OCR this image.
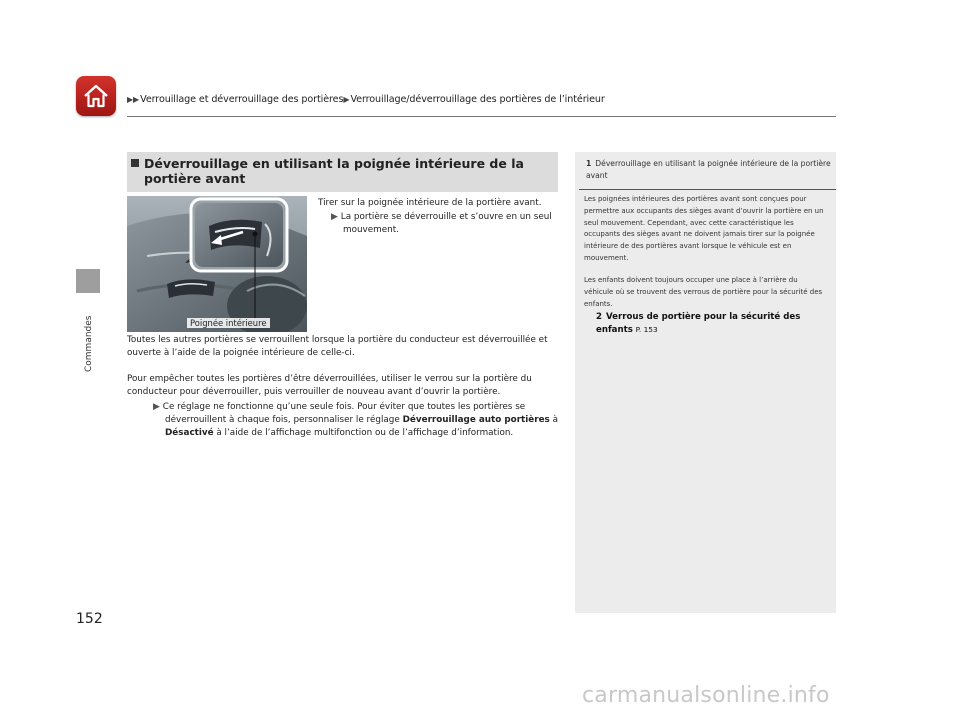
▶▶Verrouillage et déverrouillage des portières▶Verrouillage/déverrouillage des portières de l’intérieur
Commandes
152
Déverrouillage en utilisant la poignée intérieure de la portière avant
Poignée intérieure
Tirer sur la poignée intérieure de la portière avant.
▶ La portière se déverrouille et s’ouvre en un seul mouvement.
Toutes les autres portières se verrouillent lorsque la portière du conducteur est déverrouillée et ouverte à l’aide de la poignée intérieure de celle-ci.
Pour empêcher toutes les portières d’être déverrouillées, utiliser le verrou sur la portière du conducteur pour déverrouiller, puis verrouiller de nouveau avant d’ouvrir la portière.
▶ Ce réglage ne fonctionne qu’une seule fois. Pour éviter que toutes les portières se déverrouillent à chaque fois, personnaliser le réglage Déverrouillage auto portières à Désactivé à l’aide de l’affichage multifonction ou de l’affichage d’information.
1 Déverrouillage en utilisant la poignée intérieure de la portière avant
Les poignées intérieures des portières avant sont conçues pour permettre aux occupants des sièges avant d’ouvrir la portière en un seul mouvement. Cependant, avec cette caractéristique les occupants des sièges avant ne doivent jamais tirer sur la poignée intérieure de des portières avant lorsque le véhicule est en mouvement.
Les enfants doivent toujours occuper une place à l’arrière du véhicule où se trouvent des verrous de portière pour la sécurité des enfants.
2 Verrous de portière pour la sécurité des enfants P. 153
carmanualsonline.info
